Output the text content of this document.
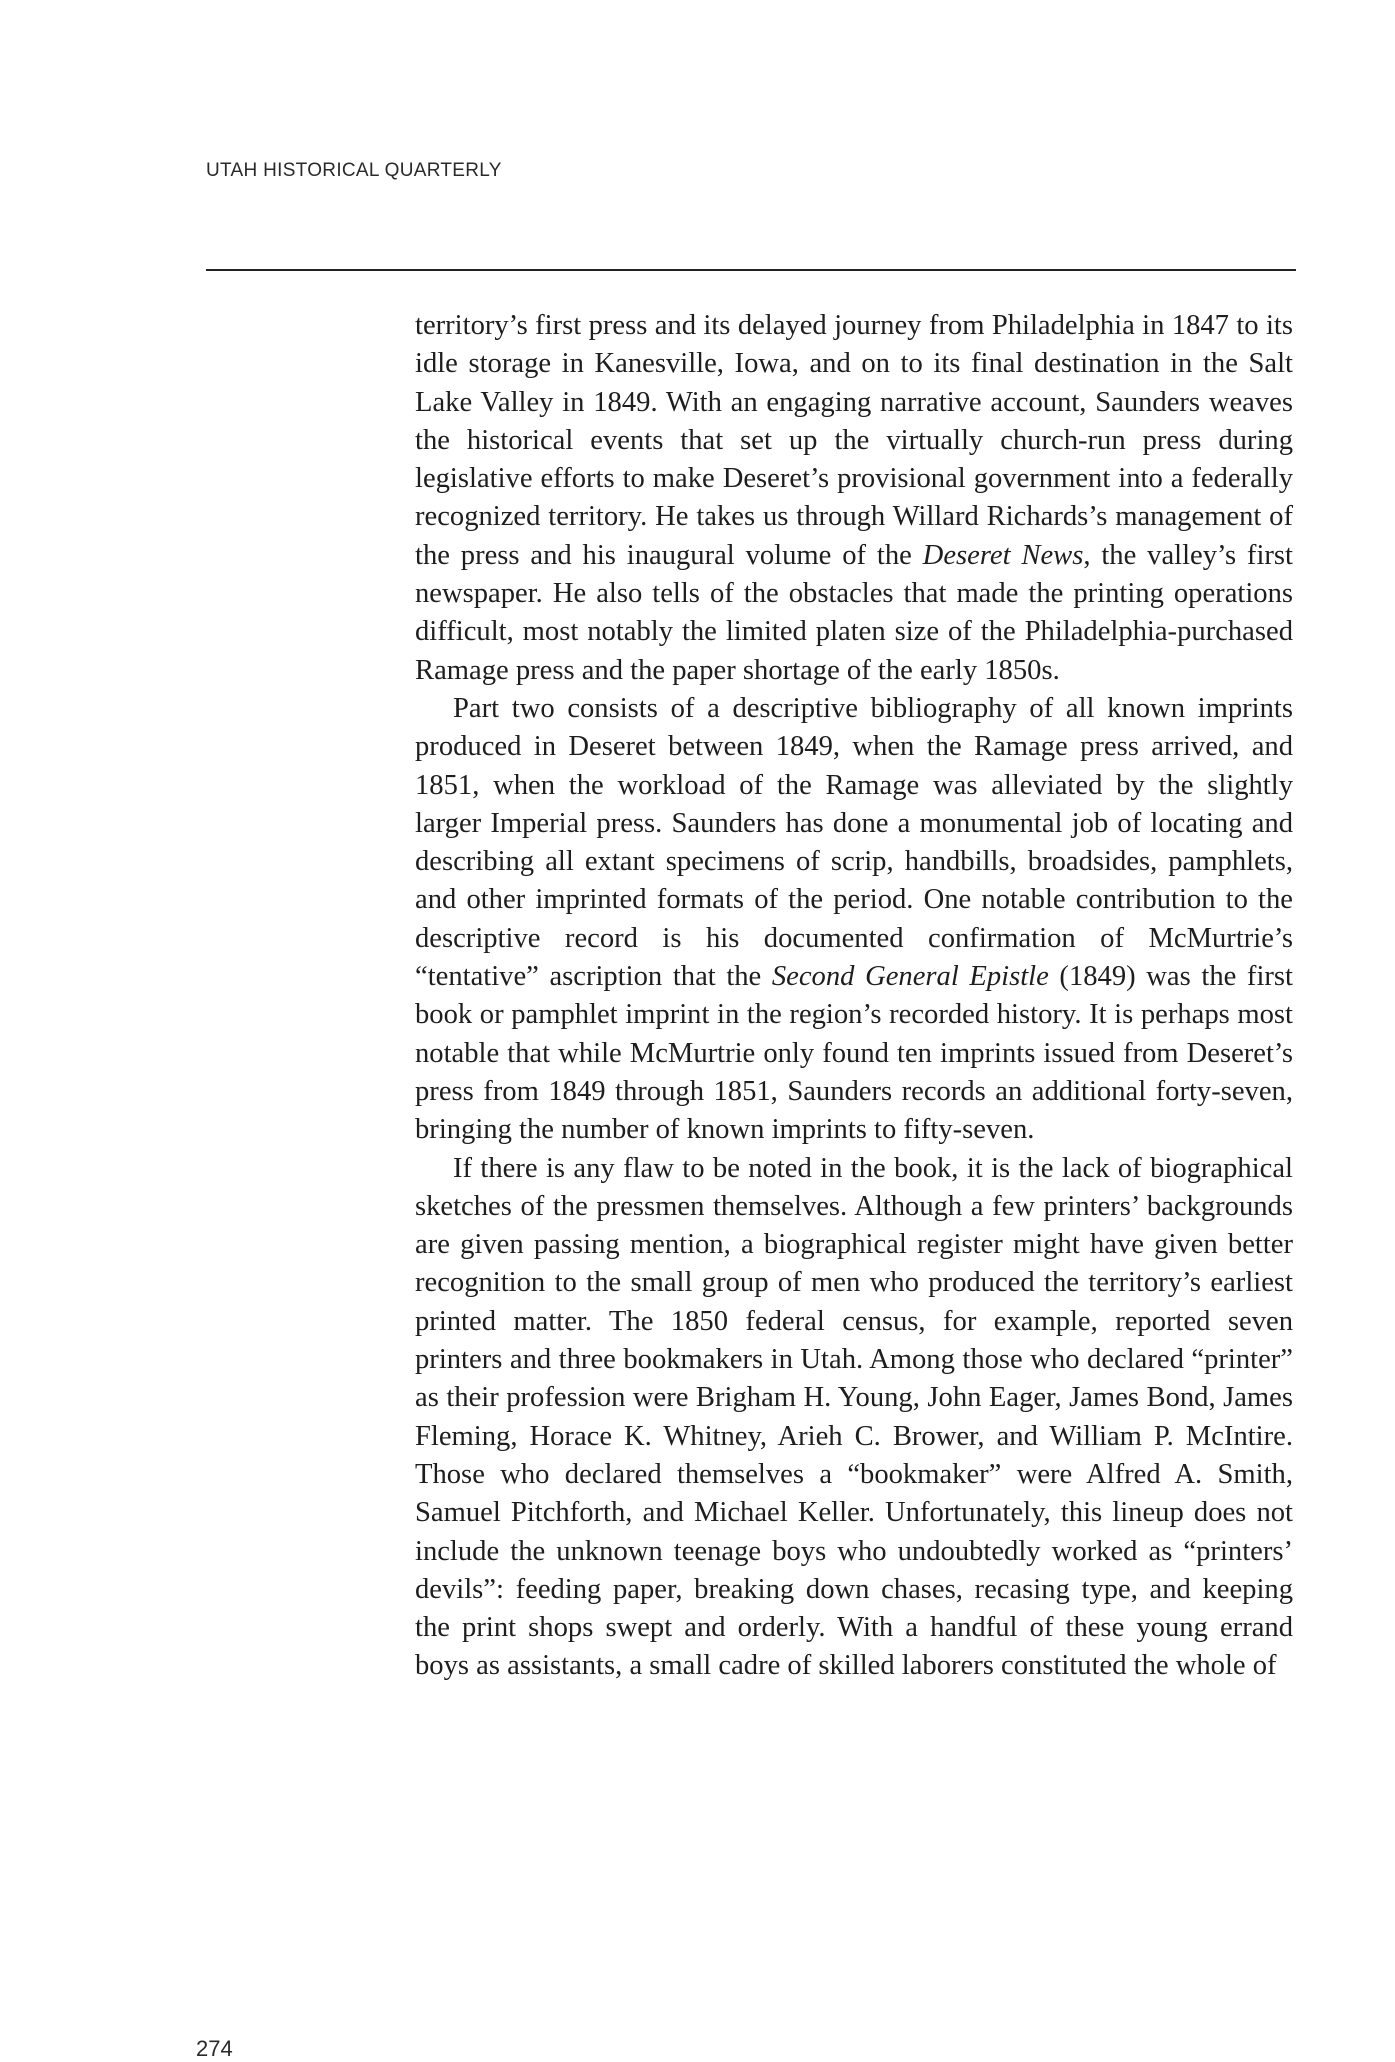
UTAH HISTORICAL QUARTERLY

territory’s first press and its delayed journey from Philadelphia in 1847 to its idle storage in Kanesville, Iowa, and on to its final destination in the Salt Lake Valley in 1849. With an engaging narrative account, Saunders weaves the historical events that set up the virtually church-run press during legislative efforts to make Deseret’s provisional government into a federally recognized territory. He takes us through Willard Richards’s management of the press and his inaugural volume of the Deseret News, the valley’s first newspaper. He also tells of the obstacles that made the printing operations difficult, most notably the limited platen size of the Philadelphia-purchased Ramage press and the paper shortage of the early 1850s.

Part two consists of a descriptive bibliography of all known imprints produced in Deseret between 1849, when the Ramage press arrived, and 1851, when the workload of the Ramage was alleviated by the slightly larger Imperial press. Saunders has done a monumental job of locating and describing all extant specimens of scrip, handbills, broadsides, pamphlets, and other imprinted formats of the period. One notable contribution to the descriptive record is his documented confirmation of McMurtrie’s “tentative” ascription that the Second General Epistle (1849) was the first book or pamphlet imprint in the region’s recorded history. It is perhaps most notable that while McMurtrie only found ten imprints issued from Deseret’s press from 1849 through 1851, Saunders records an additional forty-seven, bringing the number of known imprints to fifty-seven.

If there is any flaw to be noted in the book, it is the lack of biographical sketches of the pressmen themselves. Although a few printers’ backgrounds are given passing mention, a biographical register might have given better recognition to the small group of men who produced the territory’s earliest printed matter. The 1850 federal census, for example, reported seven printers and three bookmakers in Utah. Among those who declared “printer” as their profession were Brigham H. Young, John Eager, James Bond, James Fleming, Horace K. Whitney, Arieh C. Brower, and William P. McIntire. Those who declared themselves a “bookmaker” were Alfred A. Smith, Samuel Pitchforth, and Michael Keller. Unfortunately, this lineup does not include the unknown teenage boys who undoubtedly worked as “printers’ devils”: feeding paper, breaking down chases, recasing type, and keeping the print shops swept and orderly. With a handful of these young errand boys as assistants, a small cadre of skilled laborers constituted the whole of

274
